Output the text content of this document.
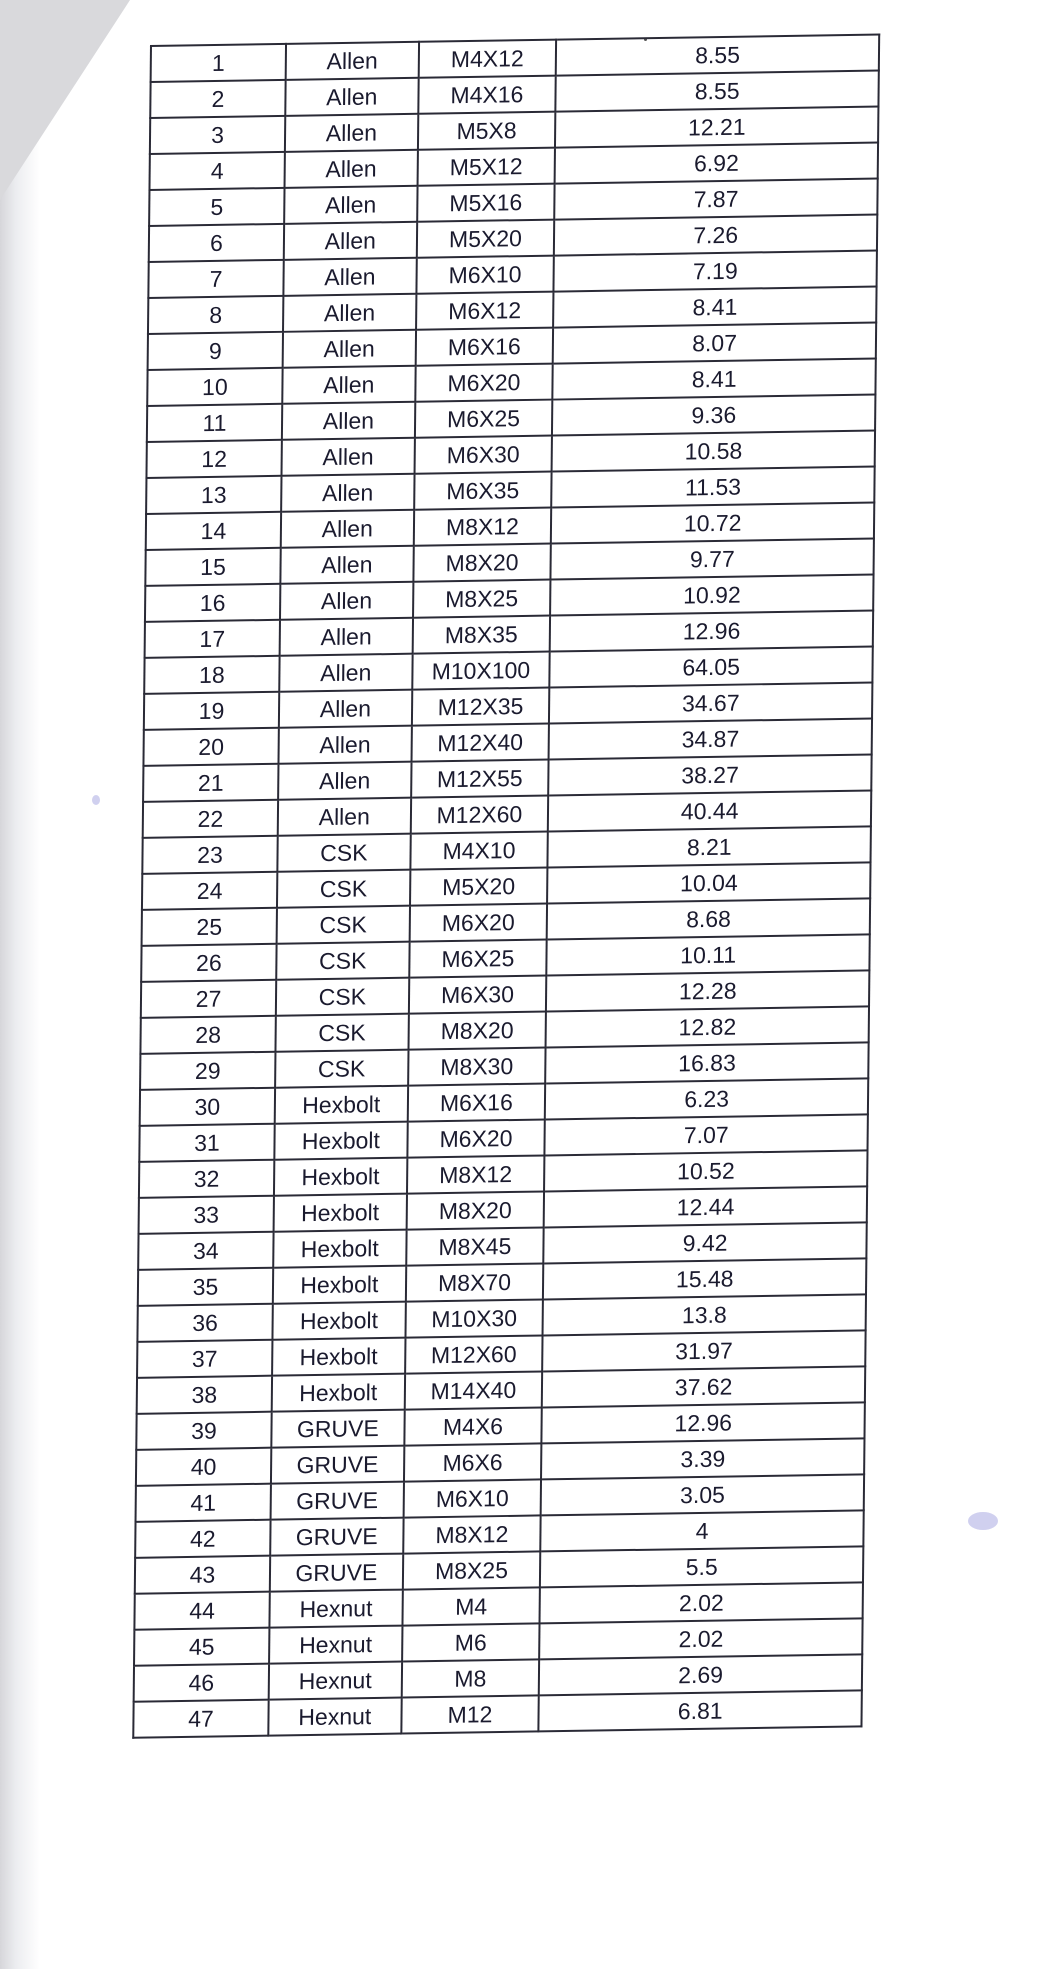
1	Allen	M4X12	8.55
2	Allen	M4X16	8.55
3	Allen	M5X8	12.21
4	Allen	M5X12	6.92
5	Allen	M5X16	7.87
6	Allen	M5X20	7.26
7	Allen	M6X10	7.19
8	Allen	M6X12	8.41
9	Allen	M6X16	8.07
10	Allen	M6X20	8.41
11	Allen	M6X25	9.36
12	Allen	M6X30	10.58
13	Allen	M6X35	11.53
14	Allen	M8X12	10.72
15	Allen	M8X20	9.77
16	Allen	M8X25	10.92
17	Allen	M8X35	12.96
18	Allen	M10X100	64.05
19	Allen	M12X35	34.67
20	Allen	M12X40	34.87
21	Allen	M12X55	38.27
22	Allen	M12X60	40.44
23	CSK	M4X10	8.21
24	CSK	M5X20	10.04
25	CSK	M6X20	8.68
26	CSK	M6X25	10.11
27	CSK	M6X30	12.28
28	CSK	M8X20	12.82
29	CSK	M8X30	16.83
30	Hexbolt	M6X16	6.23
31	Hexbolt	M6X20	7.07
32	Hexbolt	M8X12	10.52
33	Hexbolt	M8X20	12.44
34	Hexbolt	M8X45	9.42
35	Hexbolt	M8X70	15.48
36	Hexbolt	M10X30	13.8
37	Hexbolt	M12X60	31.97
38	Hexbolt	M14X40	37.62
39	GRUVE	M4X6	12.96
40	GRUVE	M6X6	3.39
41	GRUVE	M6X10	3.05
42	GRUVE	M8X12	4
43	GRUVE	M8X25	5.5
44	Hexnut	M4	2.02
45	Hexnut	M6	2.02
46	Hexnut	M8	2.69
47	Hexnut	M12	6.81
